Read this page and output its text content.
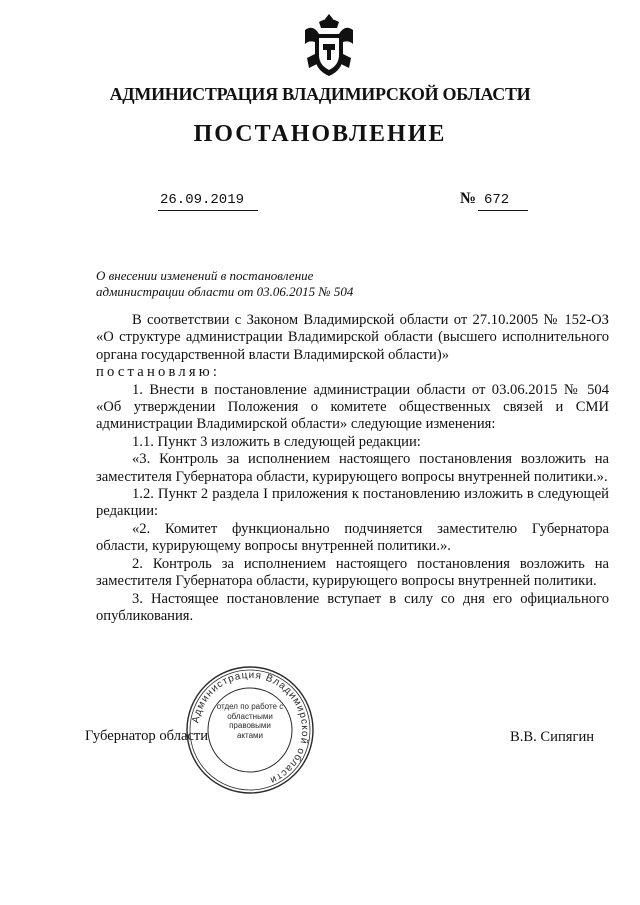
АДМИНИСТРАЦИЯ ВЛАДИМИРСКОЙ ОБЛАСТИ
ПОСТАНОВЛЕНИЕ
26.09.2019	№ 672
О внесении изменений в постановление
администрации области от 03.06.2015 № 504

В соответствии с Законом Владимирской области от 27.10.2005 № 152-ОЗ «О структуре администрации Владимирской области (высшего исполнительного органа государственной власти Владимирской области)»

постановляю:

1. Внести в постановление администрации области от 03.06.2015 № 504 «Об утверждении Положения о комитете общественных связей и СМИ администрации Владимирской области» следующие изменения:

1.1. Пункт 3 изложить в следующей редакции:

«3. Контроль за исполнением настоящего постановления возложить на заместителя Губернатора области, курирующего вопросы внутренней политики.».

1.2. Пункт 2 раздела I приложения к постановлению изложить в следующей редакции:

«2. Комитет функционально подчиняется заместителю Губернатора области, курирующему вопросы внутренней политики.».

2. Контроль за исполнением настоящего постановления возложить на заместителя Губернатора области, курирующего вопросы внутренней политики.

3. Настоящее постановление вступает в силу со дня его официального опубликования.

Губернатор области	В.В. Сипягин
Администрация Владимирской области
отдел по работе с областными правовыми актами
